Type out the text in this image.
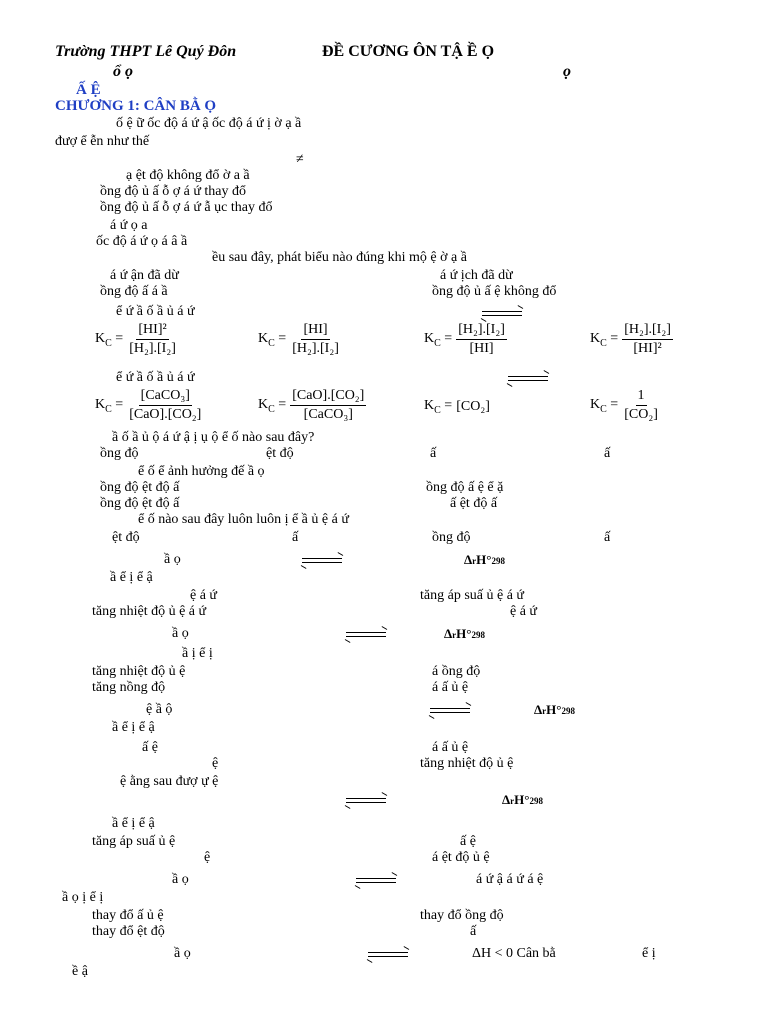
Trường THPT Lê Quý Đôn	ĐỀ CƯƠNG ÔN TẬ Ề Ọ
ổ ọ	ọ
Ấ Ệ
CHƯƠNG 1: CÂN BẰ Ọ
ố ệ ữ ốc độ á ứ ậ ốc độ á ứ ị ờ ạ ầ
đượ ể ễn như thế
≠
ạ ệt độ không đổ ờ a ầ
ồng độ ủ ấ ỗ ợ á ứ thay đổ
ồng độ ủ ấ ỗ ợ á ứ ẫ ục thay đổ
á ứ ọ a
ốc độ á ứ ọ á â ầ
ều sau đây, phát biểu nào đúng khi mộ ệ ờ ạ ầ
á ứ ận đã dừ	á ứ ịch đã dừ
ồng độ ấ á ầ	ồng độ ủ ấ ệ không đổ
ể ứ ầ ố ầ ủ á ứ
$K_C = \frac{\text{[HI]²}}{\text{[H₂].[I₂]}}$	$K_C = \frac{[HI]}{\text{[H₂].[I₂]}}$	$K_C = \frac{\text{[H₂].[I₂]}}{[HI]}$	$K_C = \frac{\text{[H₂].[I₂]}}{\text{[HI]²}}$
ể ứ ầ ố ầ ủ á ứ
$K_C = \frac{\text{[CaCO₃]}}{\text{[CaO].[CO₂]}}$	$K_C = \frac{\text{[CaO].[CO₂]}}{\text{[CaCO₃]}}$	$K_C = [CO_2]$	$K_C = \frac{1}{\text{[CO₂]}}$
ầ ố ầ ủ ộ á ứ ậ ị ụ ộ ể ố nào sau đây?
ồng độ	ệt độ	ấ	ấ
ể ố ể ảnh hưởng đế ầ ọ
ồng độ ệt độ ấ	ồng độ ấ ệ ể ặ
ồng độ ệt độ ấ	ấ ệt độ ấ
ể ố nào sau đây luôn luôn ị ể ầ ủ ệ á ứ
ệt độ	ấ	ồng độ	ấ
ầ ọ	ΔrH°298
ầ ể ị ể ậ
ệ á ứ	tăng áp suấ ủ ệ á ứ
tăng nhiệt độ ủ ệ á ứ	ệ á ứ
ầ ọ	ΔrH°298
ầ ị ể ị
tăng nhiệt độ ủ ệ	á ồng độ
tăng nồng độ	á ấ ủ ệ
ệ ầ ộ	ΔrH°298
ầ ể ị ể ậ
ấ ệ	á ấ ủ ệ
ệ	tăng nhiệt độ ủ ệ
ệ ằng sau đượ ự ệ
ΔrH°298
ầ ể ị ể ậ
tăng áp suấ ủ ệ	ấ ệ
ệ	á ệt độ ủ ệ
ầ ọ	á ứ ậ á ứ á ệ
ầ ọ ị ể ị
thay đổ ấ ủ ệ	thay đổ ồng độ
thay đổ ệt độ	ấ
ầ ọ	ΔH < 0 Cân bằ	ể ị
ề ậ
